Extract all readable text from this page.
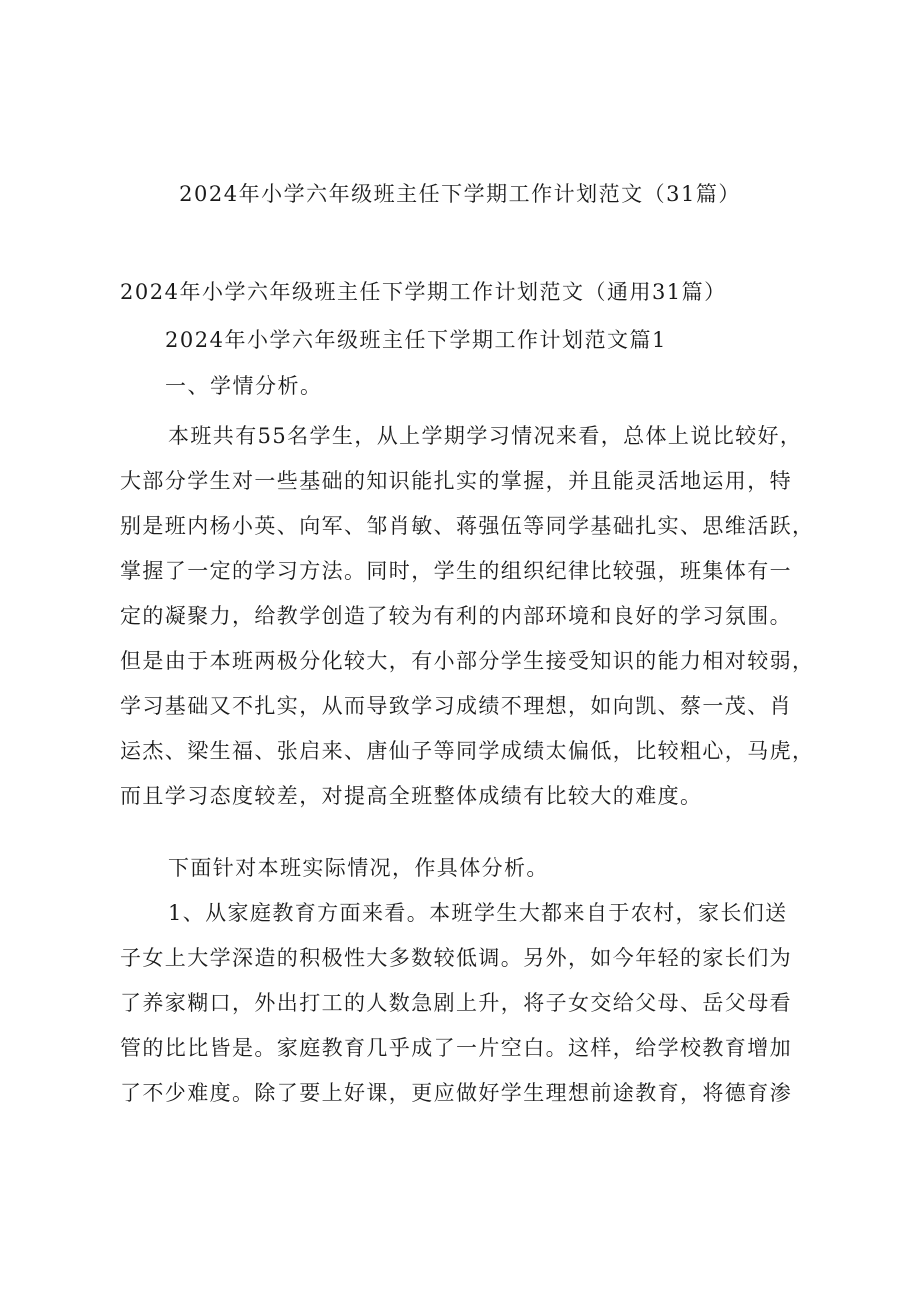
2024年小学六年级班主任下学期工作计划范文（31篇）

2024年小学六年级班主任下学期工作计划范文（通用31篇）

2024年小学六年级班主任下学期工作计划范文篇1

一、学情分析。

本班共有55名学生，从上学期学习情况来看，总体上说比较好，
大部分学生对一些基础的知识能扎实的掌握，并且能灵活地运用，特
别是班内杨小英、向军、邹肖敏、蒋强伍等同学基础扎实、思维活跃，
掌握了一定的学习方法。同时，学生的组织纪律比较强，班集体有一
定的凝聚力，给教学创造了较为有利的内部环境和良好的学习氛围。
但是由于本班两极分化较大，有小部分学生接受知识的能力相对较弱，
学习基础又不扎实，从而导致学习成绩不理想，如向凯、蔡一茂、肖
运杰、梁生福、张启来、唐仙子等同学成绩太偏低，比较粗心，马虎，
而且学习态度较差，对提高全班整体成绩有比较大的难度。
下面针对本班实际情况，作具体分析。
1、从家庭教育方面来看。本班学生大都来自于农村，家长们送
子女上大学深造的积极性大多数较低调。另外，如今年轻的家长们为
了养家糊口，外出打工的人数急剧上升，将子女交给父母、岳父母看
管的比比皆是。家庭教育几乎成了一片空白。这样，给学校教育增加
了不少难度。除了要上好课，更应做好学生理想前途教育，将德育渗
